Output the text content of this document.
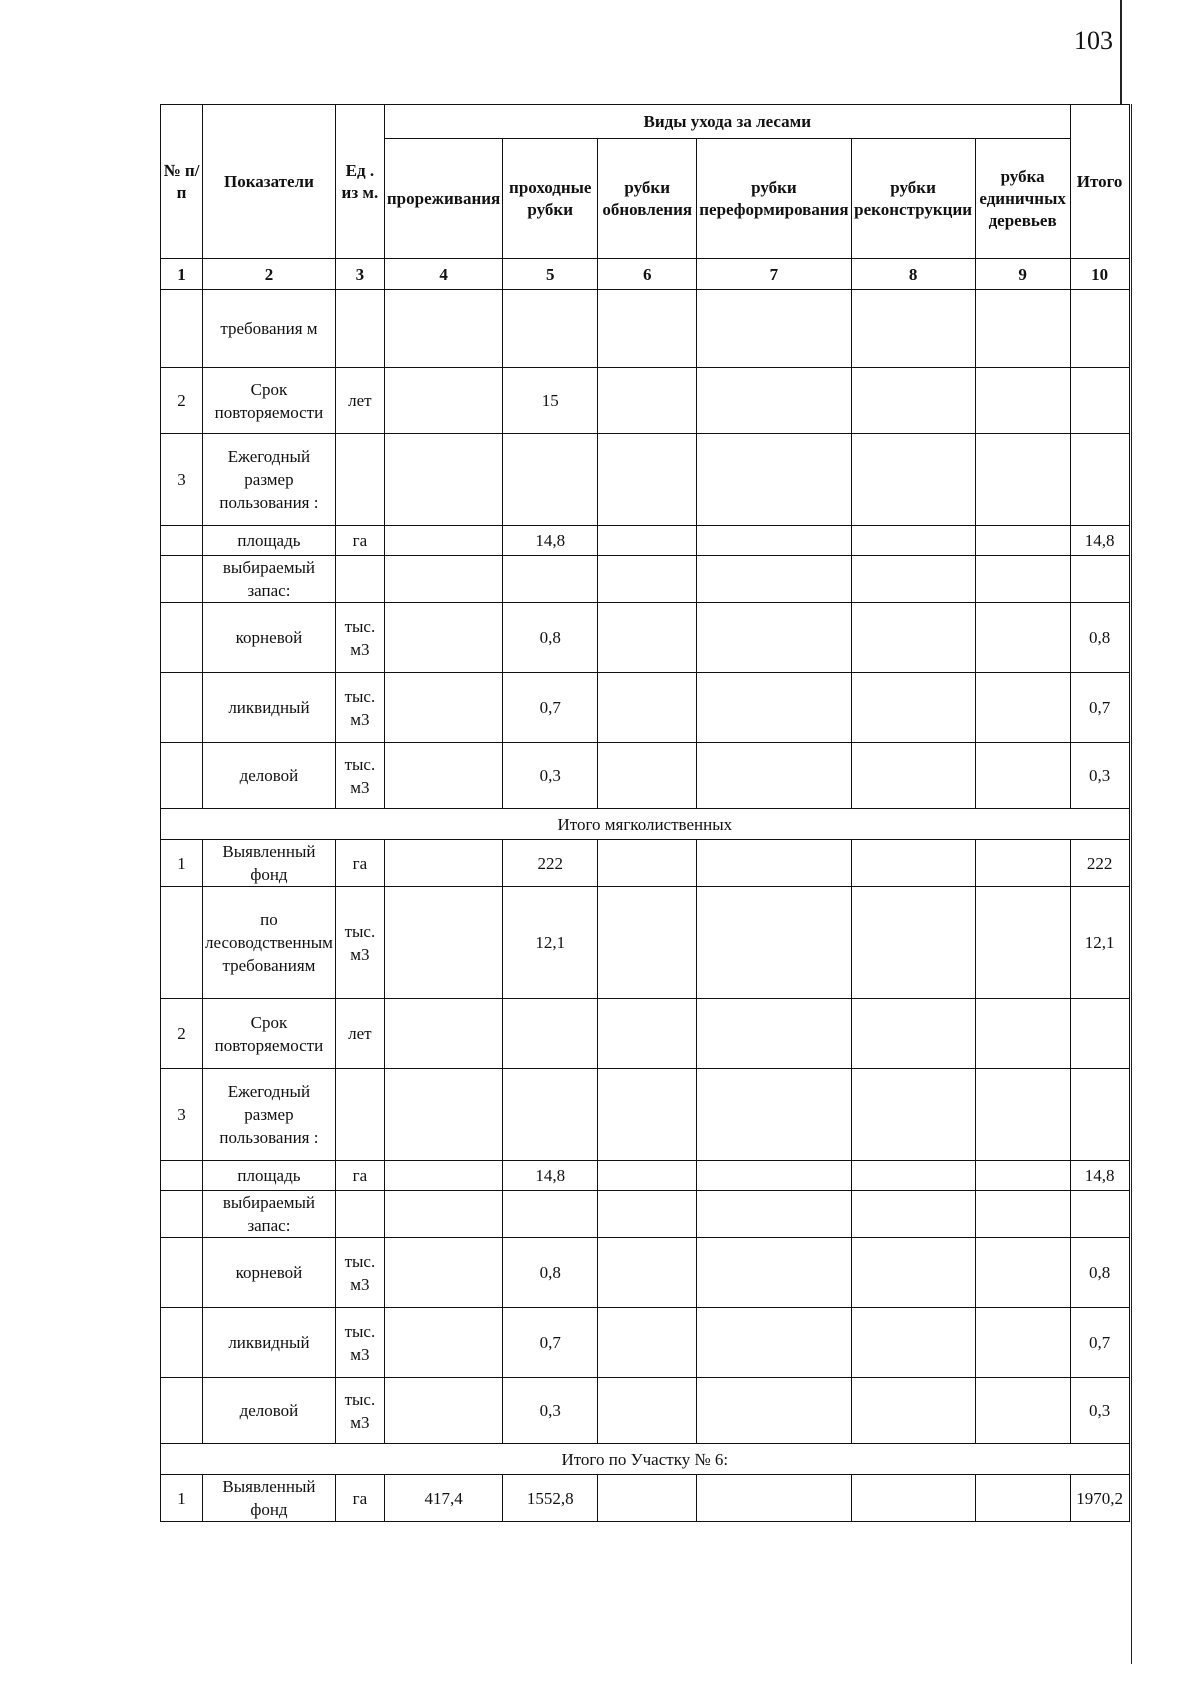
103
№ п/ п	Показатели	Ед . из м.	Виды ухода за лесами						Итого
			прореживания	проходные рубки	рубки обновления	рубки переформирования	рубки реконструкции	рубка единичных деревьев	
1	2	3	4	5	6	7	8	9	10
	требования м								
2	Срок повторяемости	лет		15					
3	Ежегодный размер пользования :								
	площадь	га		14,8					14,8
	выбираемый запас:								
	корневой	тыс. м3		0,8					0,8
	ликвидный	тыс. м3		0,7					0,7
	деловой	тыс. м3		0,3					0,3
Итого мягколиственных									
1	Выявленный фонд	га		222					222
	по лесоводственным требованиям	тыс. м3		12,1					12,1
2	Срок повторяемости	лет							
3	Ежегодный размер пользования :								
	площадь	га		14,8					14,8
	выбираемый запас:								
	корневой	тыс. м3		0,8					0,8
	ликвидный	тыс. м3		0,7					0,7
	деловой	тыс. м3		0,3					0,3
Итого по Участку № 6:									
1	Выявленный фонд	га	417,4	1552,8					1970,2
